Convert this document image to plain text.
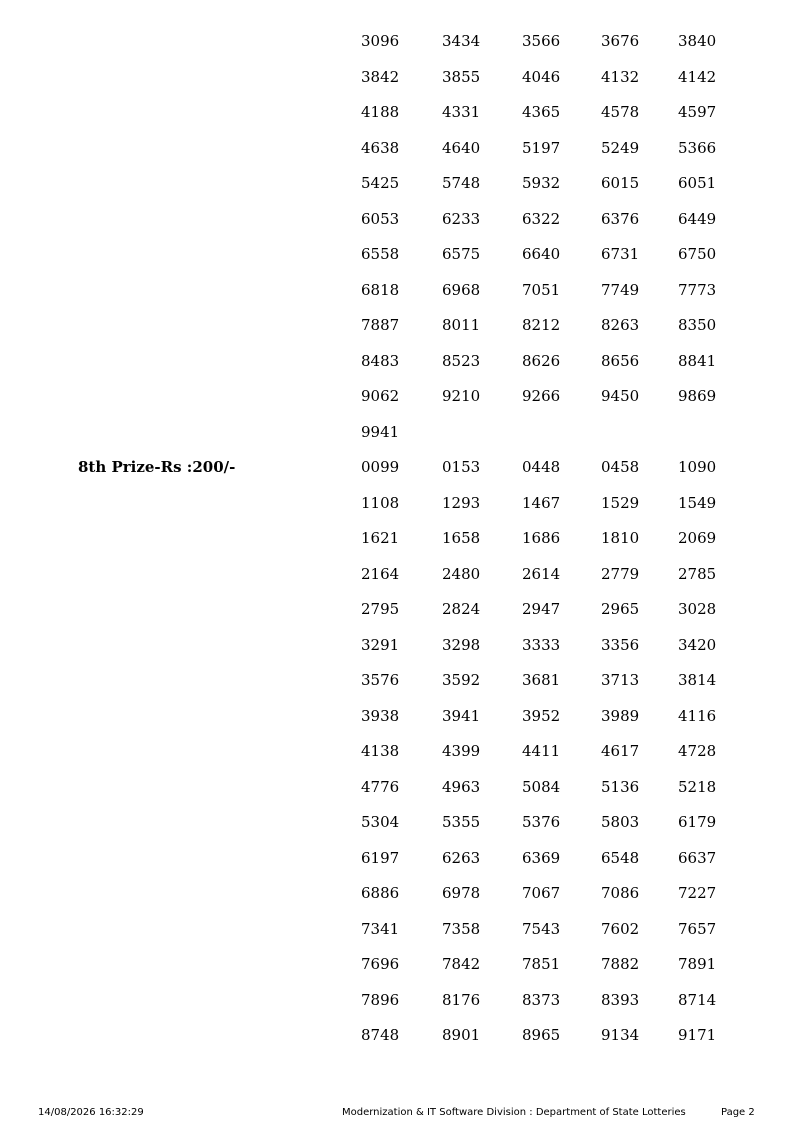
3096	3434	3566	3676	3840
3842	3855	4046	4132	4142
4188	4331	4365	4578	4597
4638	4640	5197	5249	5366
5425	5748	5932	6015	6051
6053	6233	6322	6376	6449
6558	6575	6640	6731	6750
6818	6968	7051	7749	7773
7887	8011	8212	8263	8350
8483	8523	8626	8656	8841
9062	9210	9266	9450	9869
9941
8th Prize-Rs :200/-	0099	0153	0448	0458	1090
1108	1293	1467	1529	1549
1621	1658	1686	1810	2069
2164	2480	2614	2779	2785
2795	2824	2947	2965	3028
3291	3298	3333	3356	3420
3576	3592	3681	3713	3814
3938	3941	3952	3989	4116
4138	4399	4411	4617	4728
4776	4963	5084	5136	5218
5304	5355	5376	5803	6179
6197	6263	6369	6548	6637
6886	6978	7067	7086	7227
7341	7358	7543	7602	7657
7696	7842	7851	7882	7891
7896	8176	8373	8393	8714
8748	8901	8965	9134	9171
14/08/2026 16:32:29	Modernization & IT Software Division : Department of State Lotteries	Page 2
